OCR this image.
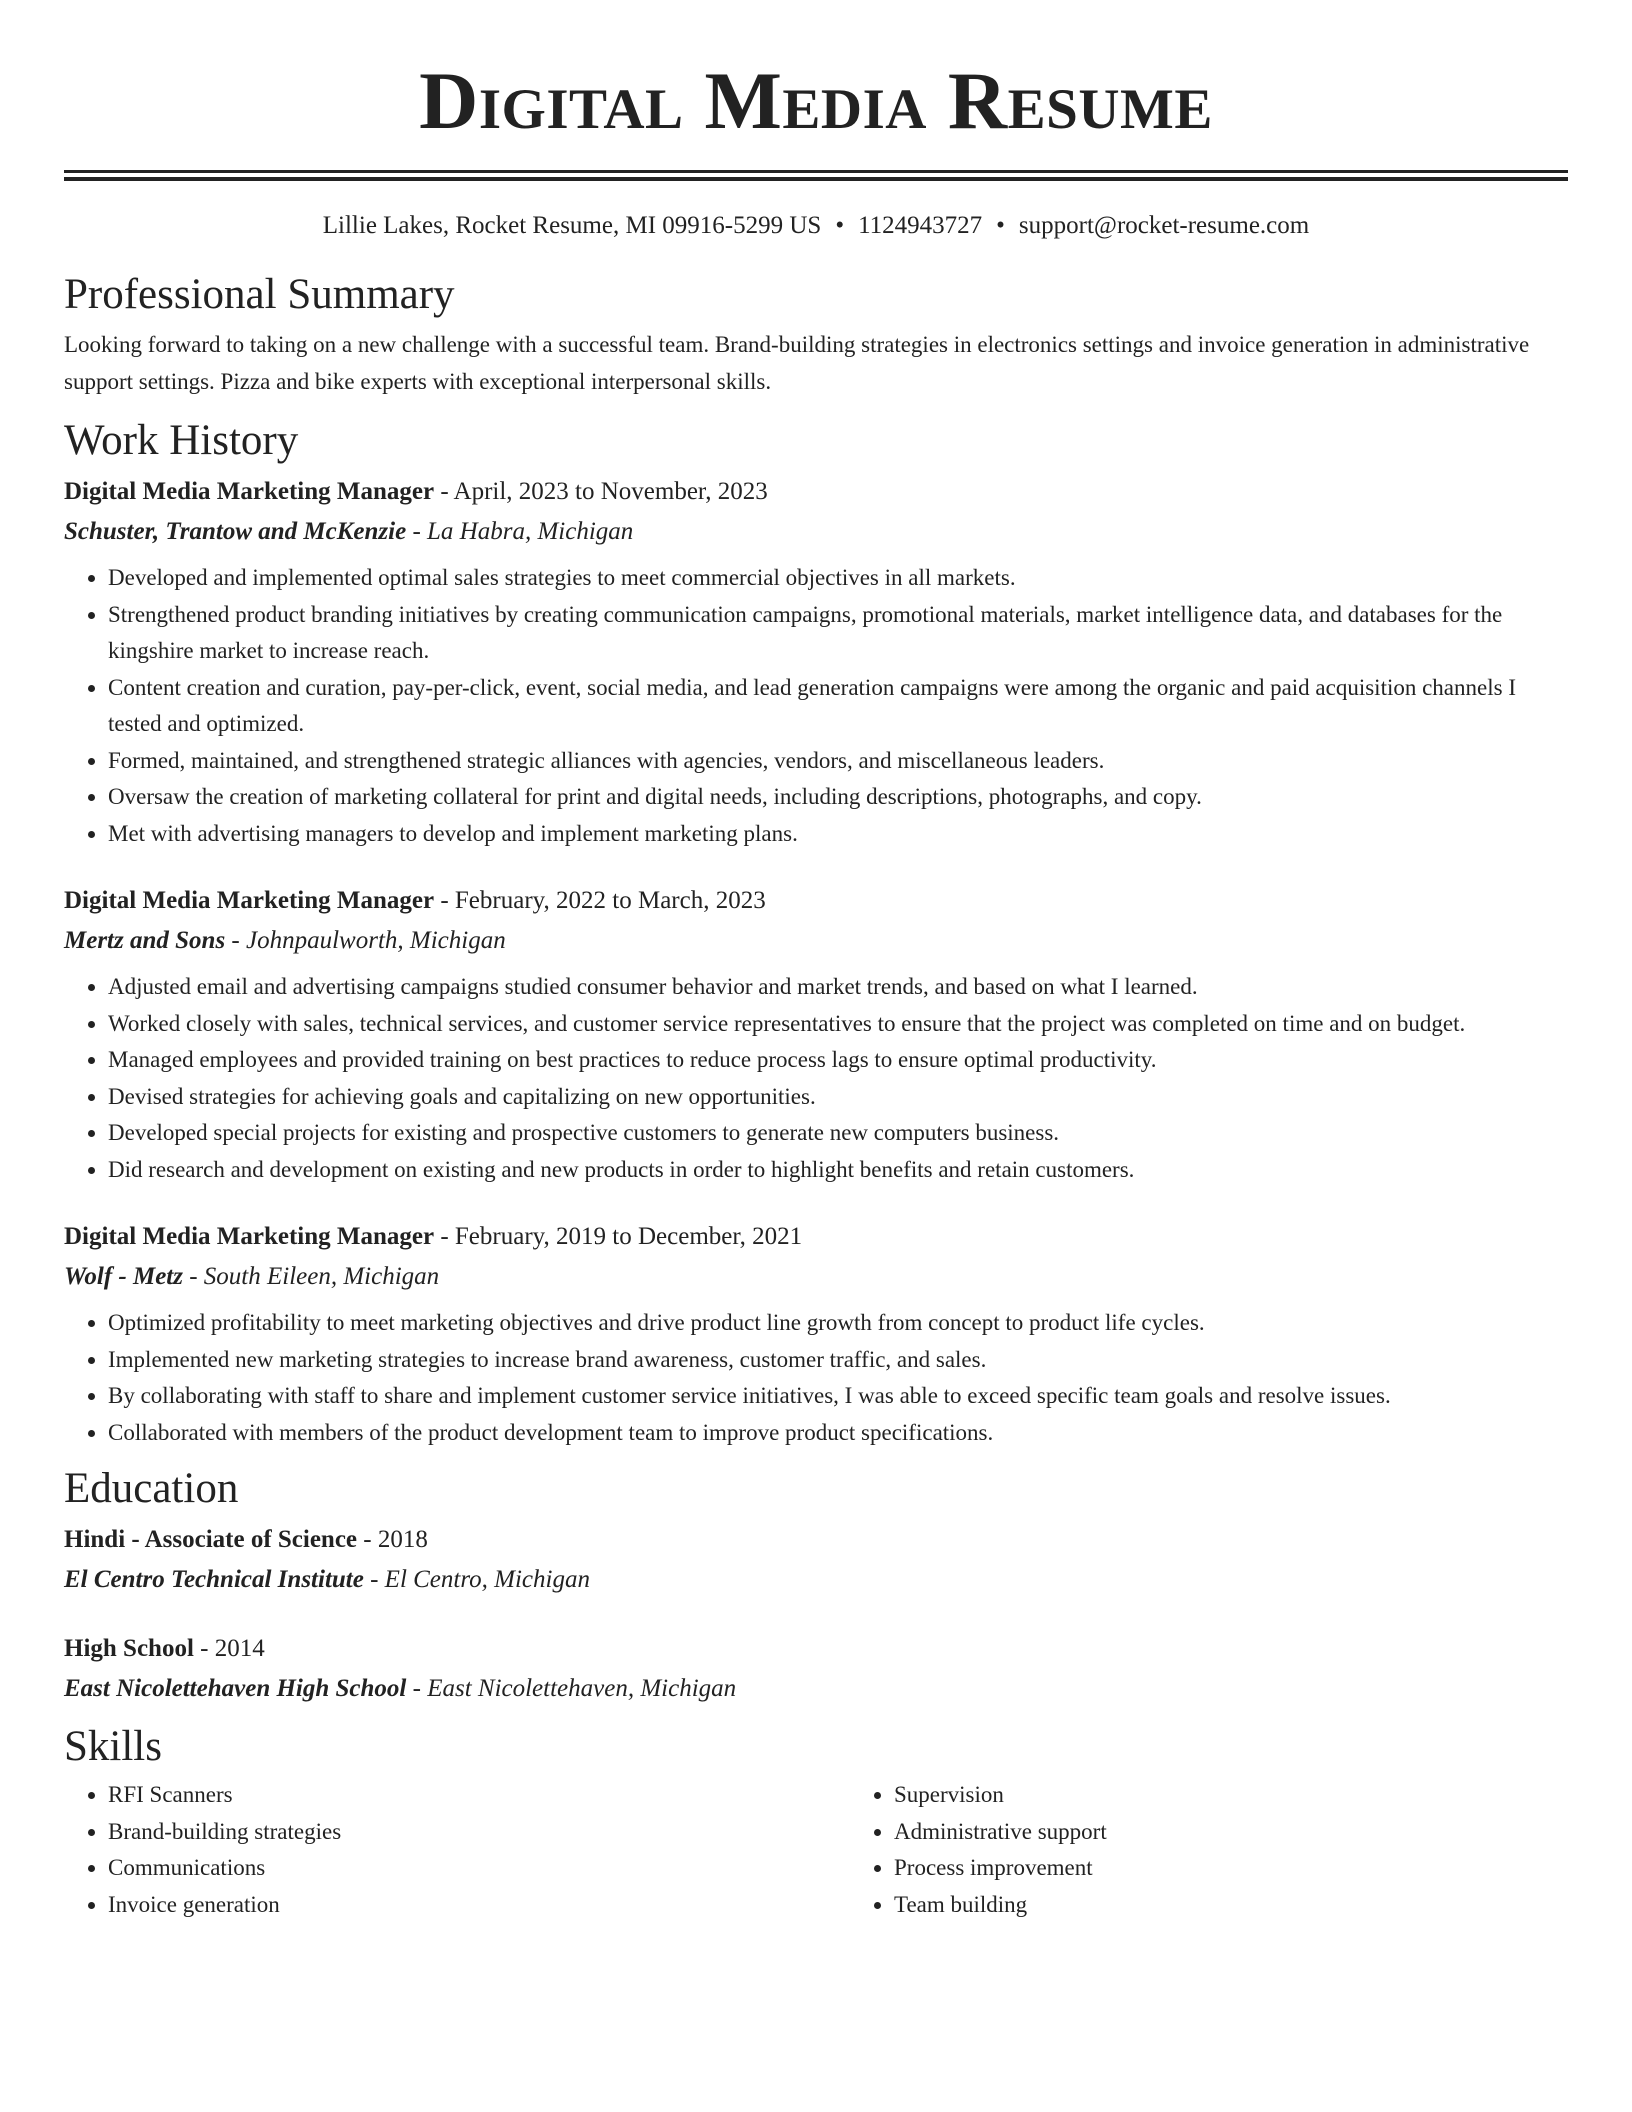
Digital Media Resume
Lillie Lakes, Rocket Resume, MI 09916-5299 US • 1124943727 • support@rocket-resume.com
Professional Summary

Looking forward to taking on a new challenge with a successful team. Brand-building strategies in electronics settings and invoice generation in administrative support settings. Pizza and bike experts with exceptional interpersonal skills.

Work History
Digital Media Marketing Manager - April, 2023 to November, 2023
Schuster, Trantow and McKenzie - La Habra, Michigan
• Developed and implemented optimal sales strategies to meet commercial objectives in all markets.
• Strengthened product branding initiatives by creating communication campaigns, promotional materials, market intelligence data, and databases for the kingshire market to increase reach.
• Content creation and curation, pay-per-click, event, social media, and lead generation campaigns were among the organic and paid acquisition channels I tested and optimized.
• Formed, maintained, and strengthened strategic alliances with agencies, vendors, and miscellaneous leaders.
• Oversaw the creation of marketing collateral for print and digital needs, including descriptions, photographs, and copy.
• Met with advertising managers to develop and implement marketing plans.
Digital Media Marketing Manager - February, 2022 to March, 2023
Mertz and Sons - Johnpaulworth, Michigan
• Adjusted email and advertising campaigns studied consumer behavior and market trends, and based on what I learned.
• Worked closely with sales, technical services, and customer service representatives to ensure that the project was completed on time and on budget.
• Managed employees and provided training on best practices to reduce process lags to ensure optimal productivity.
• Devised strategies for achieving goals and capitalizing on new opportunities.
• Developed special projects for existing and prospective customers to generate new computers business.
• Did research and development on existing and new products in order to highlight benefits and retain customers.
Digital Media Marketing Manager - February, 2019 to December, 2021
Wolf - Metz - South Eileen, Michigan
• Optimized profitability to meet marketing objectives and drive product line growth from concept to product life cycles.
• Implemented new marketing strategies to increase brand awareness, customer traffic, and sales.
• By collaborating with staff to share and implement customer service initiatives, I was able to exceed specific team goals and resolve issues.
• Collaborated with members of the product development team to improve product specifications.
Education
Hindi - Associate of Science - 2018
El Centro Technical Institute - El Centro, Michigan
High School - 2014
East Nicolettehaven High School - East Nicolettehaven, Michigan
Skills
• RFI Scanners
• Brand-building strategies
• Communications
• Invoice generation
• Supervision
• Administrative support
• Process improvement
• Team building
